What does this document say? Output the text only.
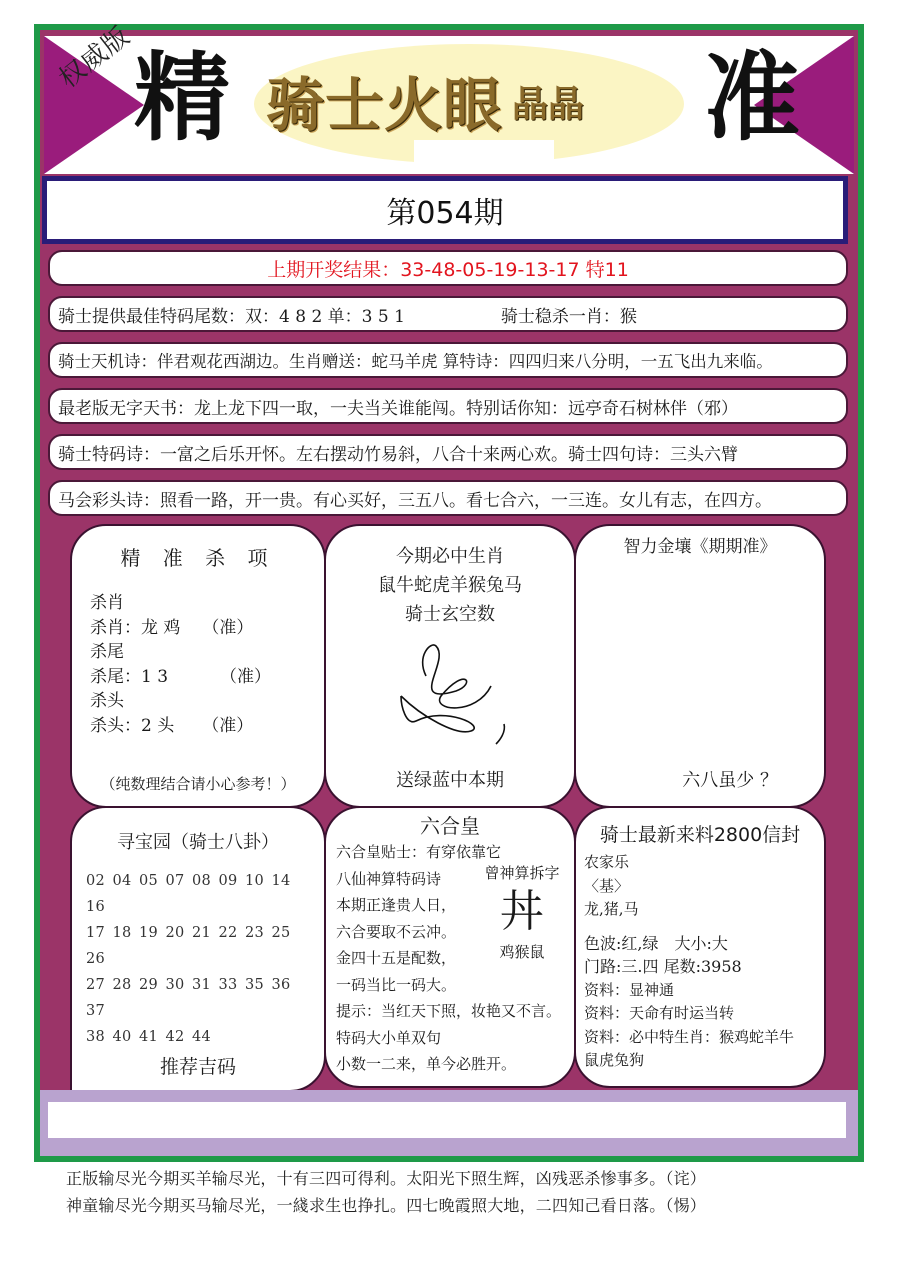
权威版
精 骑士火眼 晶晶 准
第054期
上期开奖结果：33-48-05-19-13-17 特11
骑士提供最佳特码尾数：双：4 8 2 单：3 5 1	骑士稳杀一肖：猴
骑士天机诗：伴君观花西湖边。生肖赠送：蛇马羊虎 算特诗：四四归来八分明，一五飞出九来临。
最老版无字天书：龙上龙下四一取，一夫当关谁能闯。特别话你知：远亭奇石树林伴（邪）
骑士特码诗：一富之后乐开怀。左右摆动竹易斜，八合十来两心欢。骑士四句诗：三头六臂
马会彩头诗：照看一路，开一贵。有心买好，三五八。看七合六，一三连。女儿有志，在四方。
精 准 杀 项
杀肖
杀肖：龙 鸡 （准）
杀尾
杀尾：1 3	（准）
杀头
杀头：2 头 （准）
（纯数理结合请小心参考！）
今期必中生肖
鼠牛蛇虎羊猴兔马
骑士玄空数
送绿蓝中本期
智力金壤《期期准》
六八虽少 ？
寻宝园（骑士八卦）
02 04 05 07 08 09 10 1416
17 18 19 20 21 22 23 2526
27 28 29 30 31 33 35 3637
38 40 41 42 44
推荐吉码
六合皇
六合皇贴士：有穿依靠它
八仙神算特码诗
本期正逢贵人日，
六合要取不云冲。
金四十五是配数，
一码当比一码大。
提示：当红天下照，妆艳又不言。
特码大小单双句
小数一二来，单今必胜开。
曾神算拆字
丼
鸡猴鼠
骑士最新来料2800信封
农家乐
〈基〉
龙,猪,马
色波:红,绿　大小:大
门路:三.四 尾数:3958
资料：显神通
资料：天命有时运当转
资料：必中特生肖：猴鸡蛇羊牛
鼠虎兔狗
正版输尽光今期买羊输尽光，十有三四可得利。太阳光下照生辉，凶残恶杀惨事多。（诧）
神童输尽光今期买马输尽光，一綫求生也挣扎。四七晚霞照大地，二四知己看日落。（惕）
